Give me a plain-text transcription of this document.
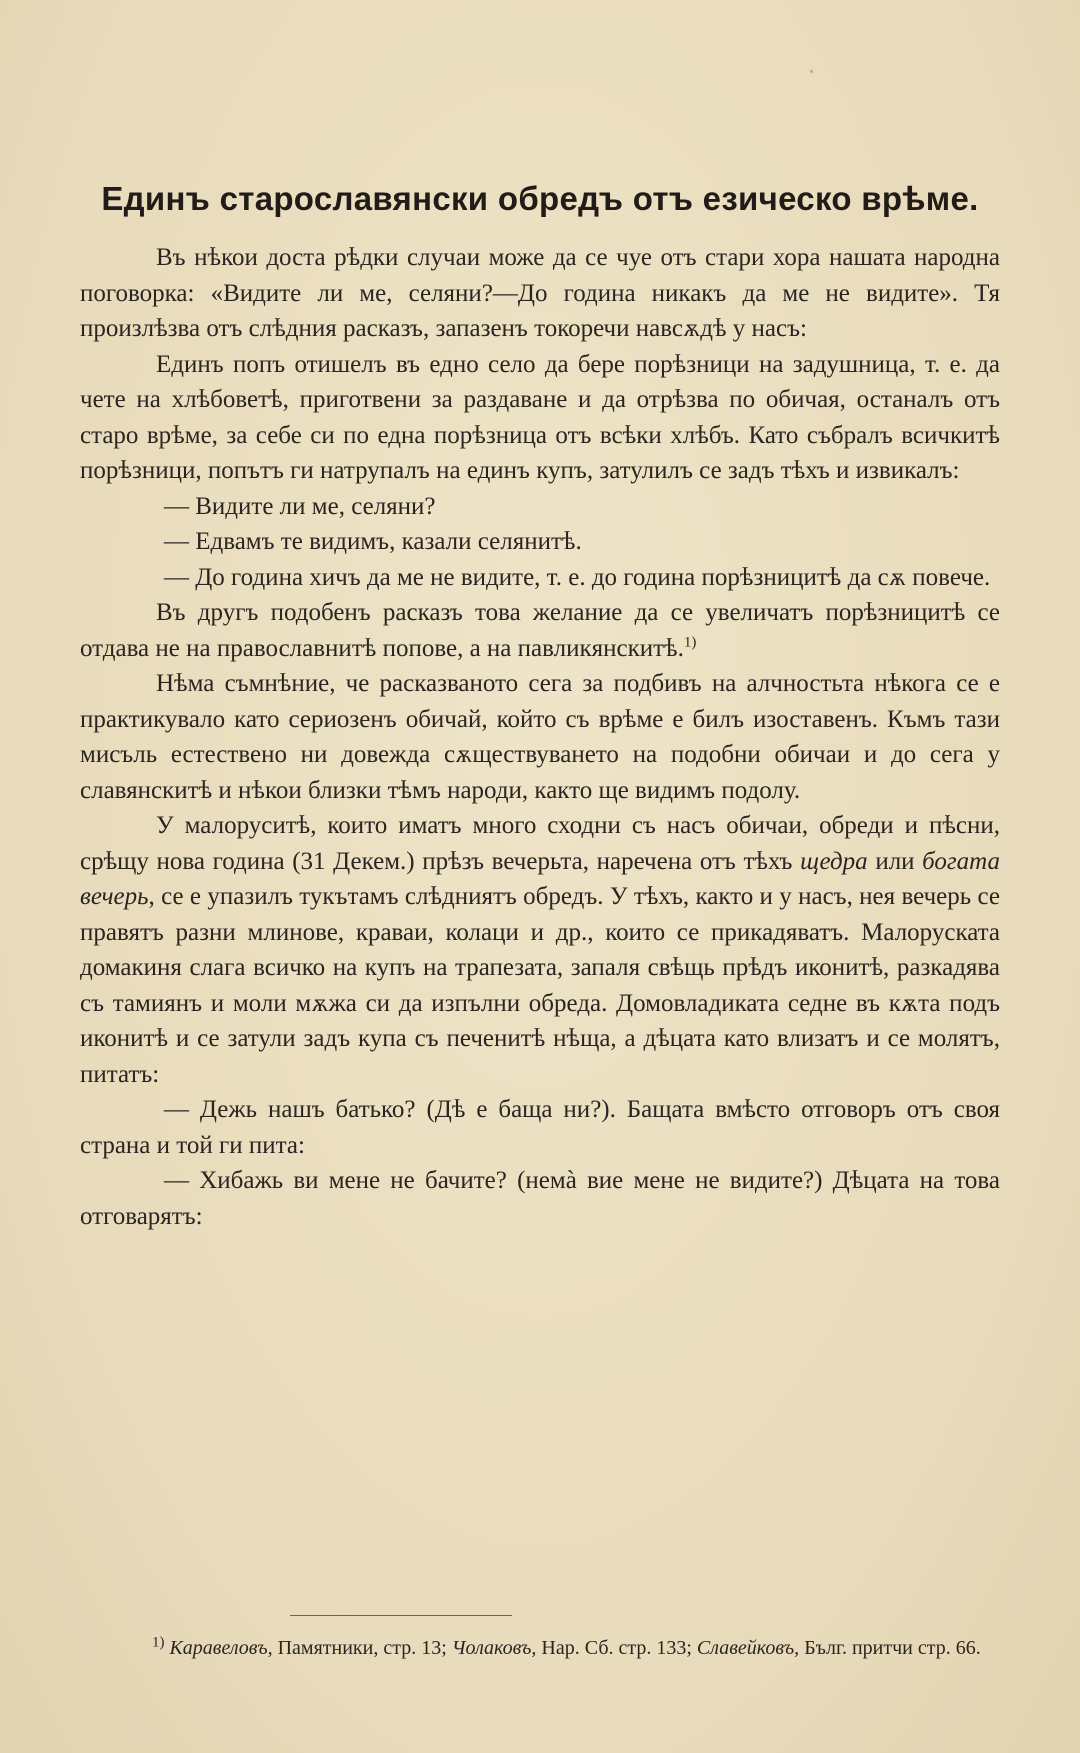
Единъ старославянски обредъ отъ езическо врѣме.

Въ нѣкои доста рѣдки случаи може да се чуе отъ стари хора нашата народна поговорка: «Видите ли ме, селяни?—До година никакъ да ме не видите». Тя произлѣзва отъ слѣдния расказъ, запазенъ токоречи навсѫдѣ у насъ:

Единъ попъ отишелъ въ едно село да бере порѣзници на задушница, т. е. да чете на хлѣбоветѣ, приготвени за раздаване и да отрѣзва по обичая, останалъ отъ старо врѣме, за себе си по една порѣзница отъ всѣки хлѣбъ. Като събралъ всичкитѣ порѣзници, попътъ ги натрупалъ на единъ купъ, затулилъ се задъ тѣхъ и извикалъ:

— Видите ли ме, селяни?

— Едвамъ те видимъ, казали селянитѣ.

— До година хичъ да ме не видите, т. е. до година порѣзницитѣ да сѫ повече.

Въ другъ подобенъ расказъ това желание да се увеличатъ порѣзницитѣ се отдава не на православнитѣ попове, а на павликянскитѣ.$^{1)}$

Нѣма съмнѣние, че расказваното сега за подбивъ на алчностьта нѣкога се е практикувало като сериозенъ обичай, който съ врѣме е билъ изоставенъ. Къмъ тази мисъль естествено ни довежда сѫществуването на подобни обичаи и до сега у славянскитѣ и нѣкои близки тѣмъ народи, както ще видимъ подолу.

У малоруситѣ, които иматъ много сходни съ насъ обичаи, обреди и пѣсни, срѣщу нова година (31 Декем.) прѣзъ вечерьта, наречена отъ тѣхъ щедра или богата вечерь, се е упазилъ тукътамъ слѣдниятъ обредъ. У тѣхъ, както и у насъ, нея вечерь се правятъ разни млинове, краваи, колаци и др., които се прикадяватъ. Малоруската домакиня слага всичко на купъ на трапезата, запаля свѣщь прѣдъ иконитѣ, разкадява съ тамиянъ и моли мѫжа си да изпълни обреда. Домовладиката седне въ кѫта подъ иконитѣ и се затули задъ купа съ печенитѣ нѣща, а дѣцата като влизатъ и се молятъ, питатъ:

— Дежь нашъ батько? (Дѣ е баща ни?). Бащата вмѣсто отговоръ отъ своя страна и той ги пита:

— Хибажь ви мене не бачите? (немà вие мене не видите?) Дѣцата на това отговарятъ:

$^{1)}$ Каравеловъ, Памятники, стр. 13; Чолаковъ, Нар. Сб. стр. 133; Славейковъ, Бълг. притчи стр. 66.
